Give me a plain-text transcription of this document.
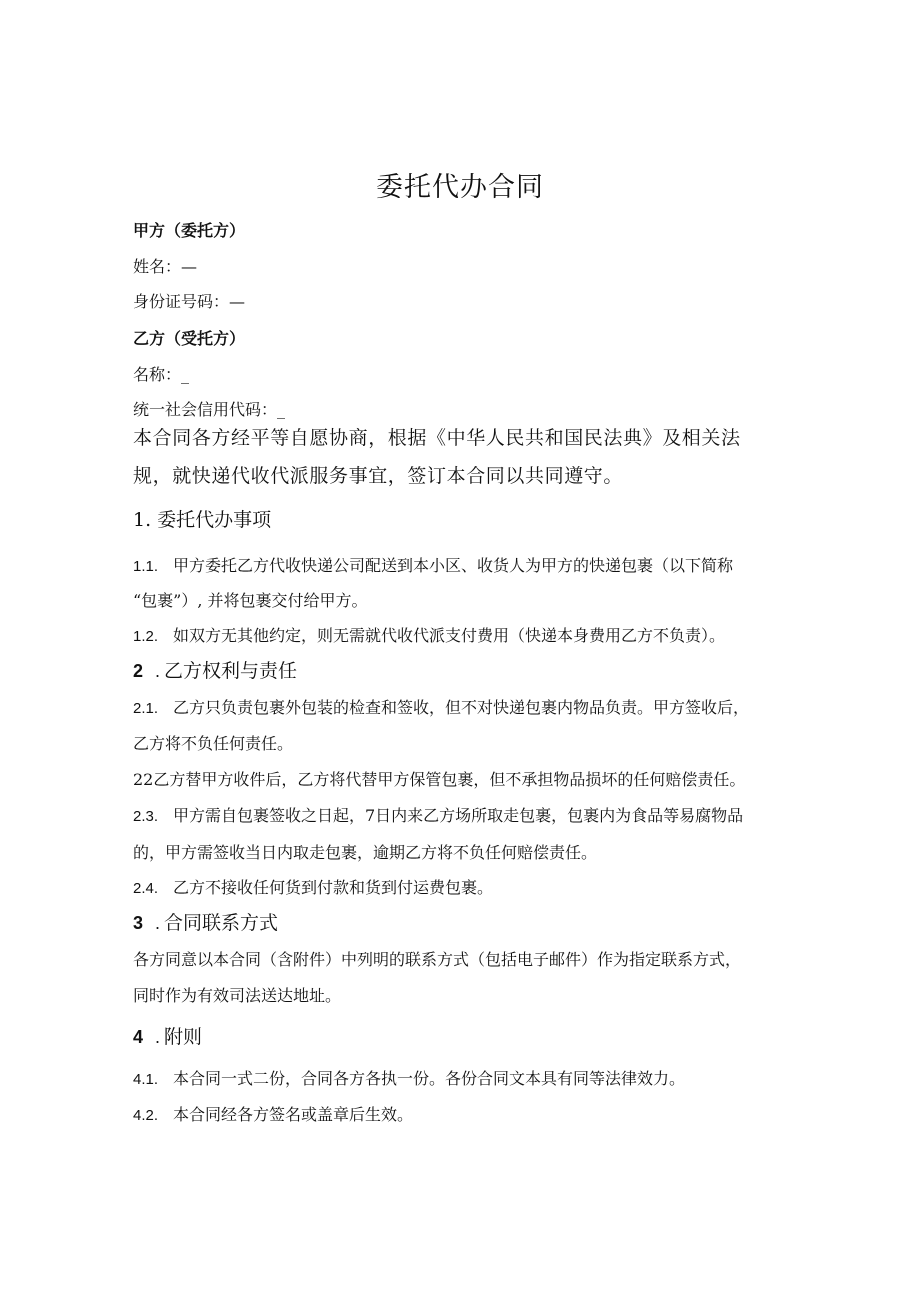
委托代办合同
甲方（委托方）
姓名：—
身份证号码：—
乙方（受托方）
名称：_
统一社会信用代码：_
本合同各方经平等自愿协商，根据《中华人民共和国民法典》及相关法
规，就快递代收代派服务事宜，签订本合同以共同遵守。
1. 委托代办事项
1.1. 甲方委托乙方代收快递公司配送到本小区、收货人为甲方的快递包裹（以下简称
“包裹”）, 并将包裹交付给甲方。
1.2. 如双方无其他约定，则无需就代收代派支付费用（快递本身费用乙方不负责）。
2 . 乙方权利与责任
2.1. 乙方只负责包裹外包装的检查和签收，但不对快递包裹内物品负责。甲方签收后，
乙方将不负任何责任。
22乙方替甲方收件后，乙方将代替甲方保管包裹，但不承担物品损坏的任何赔偿责任。
2.3. 甲方需自包裹签收之日起，7日内来乙方场所取走包裹，包裹内为食品等易腐物品
的，甲方需签收当日内取走包裹，逾期乙方将不负任何赔偿责任。
2.4. 乙方不接收任何货到付款和货到付运费包裹。
3 . 合同联系方式
各方同意以本合同（含附件）中列明的联系方式（包括电子邮件）作为指定联系方式，
同时作为有效司法送达地址。
4 . 附则
4.1. 本合同一式二份，合同各方各执一份。各份合同文本具有同等法律效力。
4.2. 本合同经各方签名或盖章后生效。
